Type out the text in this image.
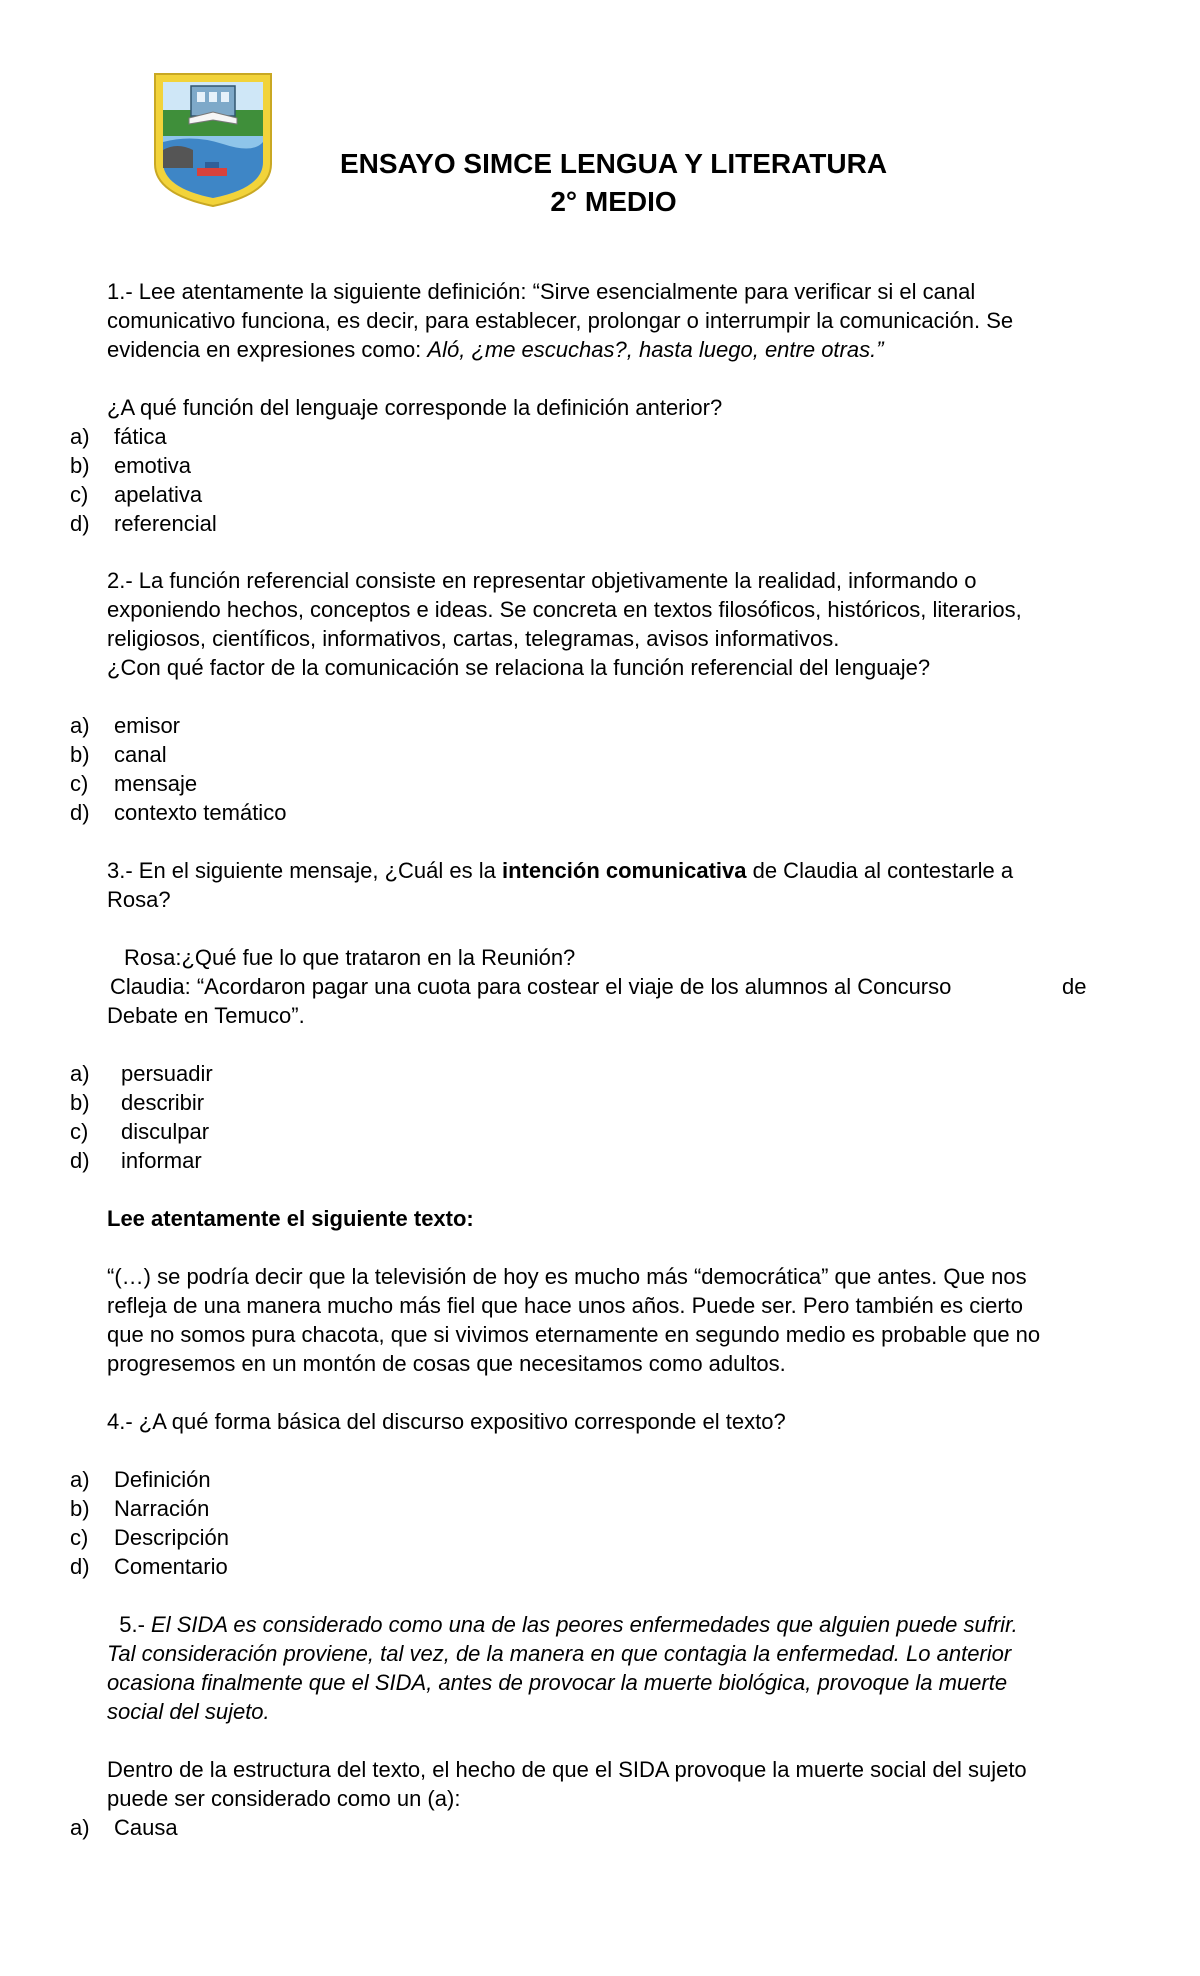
ENSAYO SIMCE LENGUA Y LITERATURA
2° MEDIO
1.- Lee atentamente la siguiente definición: “Sirve esencialmente para verificar si el canal
comunicativo funciona, es decir, para establecer, prolongar o interrumpir la comunicación. Se
evidencia en expresiones como: Aló, ¿me escuchas?, hasta luego, entre otras.”
¿A qué función del lenguaje corresponde la definición anterior?
a) fática
b) emotiva
c) apelativa
d) referencial
2.- La función referencial consiste en representar objetivamente la realidad, informando o
exponiendo hechos, conceptos e ideas. Se concreta en textos filosóficos, históricos, literarios,
religiosos, científicos, informativos, cartas, telegramas, avisos informativos.
¿Con qué factor de la comunicación se relaciona la función referencial del lenguaje?
a) emisor
b) canal
c) mensaje
d) contexto temático
3.- En el siguiente mensaje, ¿Cuál es la intención comunicativa de Claudia al contestarle a
Rosa?
Rosa:¿Qué fue lo que trataron en la Reunión?
Claudia: “Acordaron pagar una cuota para costear el viaje de los alumnos al Concurso	de
Debate en Temuco”.
a) persuadir
b) describir
c) disculpar
d) informar
Lee atentamente el siguiente texto:
“(…) se podría decir que la televisión de hoy es mucho más “democrática” que antes. Que nos
refleja de una manera mucho más fiel que hace unos años. Puede ser. Pero también es cierto
que no somos pura chacota, que si vivimos eternamente en segundo medio es probable que no
progresemos en un montón de cosas que necesitamos como adultos.
4.- ¿A qué forma básica del discurso expositivo corresponde el texto?
a) Definición
b) Narración
c) Descripción
d) Comentario
5.- El SIDA es considerado como una de las peores enfermedades que alguien puede sufrir.
Tal consideración proviene, tal vez, de la manera en que contagia la enfermedad. Lo anterior
ocasiona finalmente que el SIDA, antes de provocar la muerte biológica, provoque la muerte
social del sujeto.
Dentro de la estructura del texto, el hecho de que el SIDA provoque la muerte social del sujeto
puede ser considerado como un (a):
a) Causa
